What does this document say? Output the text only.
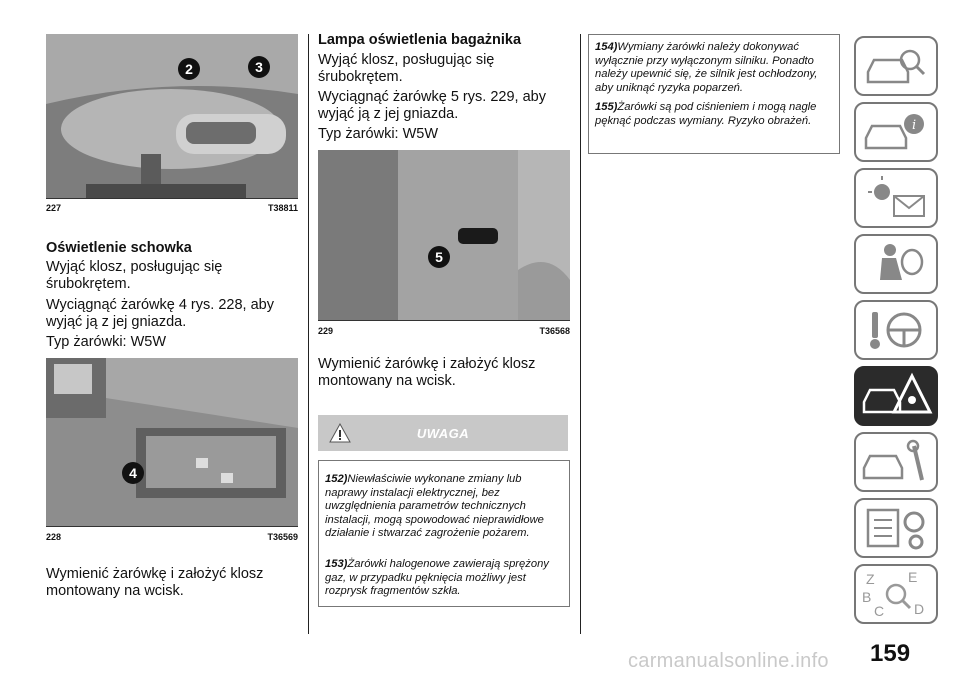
2	3
227	T38811
Oświetlenie schowka
Wyjąć klosz, posługując się śrubokrętem.
Wyciągnąć żarówkę 4 rys. 228, aby wyjąć ją z jej gniazda.
Typ żarówki: W5W
4
228	T36569
Wymienić żarówkę i założyć klosz montowany na wcisk.
Lampa oświetlenia bagażnika
Wyjąć klosz, posługując się śrubokrętem.
Wyciągnąć żarówkę 5 rys. 229, aby wyjąć ją z jej gniazda.
Typ żarówki: W5W
5
229	T36568
Wymienić żarówkę i założyć klosz montowany na wcisk.
UWAGA
152)Niewłaściwie wykonane zmiany lub naprawy instalacji elektrycznej, bez uwzględnienia parametrów technicznych instalacji, mogą spowodować nieprawidłowe działanie i stwarzać zagrożenie pożarem.
153)Żarówki halogenowe zawierają sprężony gaz, w przypadku pęknięcia możliwy jest rozprysk fragmentów szkła.
154)Wymiany żarówki należy dokonywać wyłącznie przy wyłączonym silniku. Ponadto należy upewnić się, że silnik jest ochłodzony, aby uniknąć ryzyka poparzeń.
155)Żarówki są pod ciśnieniem i mogą nagle pęknąć podczas wymiany. Ryzyko obrażeń.	i
Z E
B
C D
159
carmanualsonline.info
